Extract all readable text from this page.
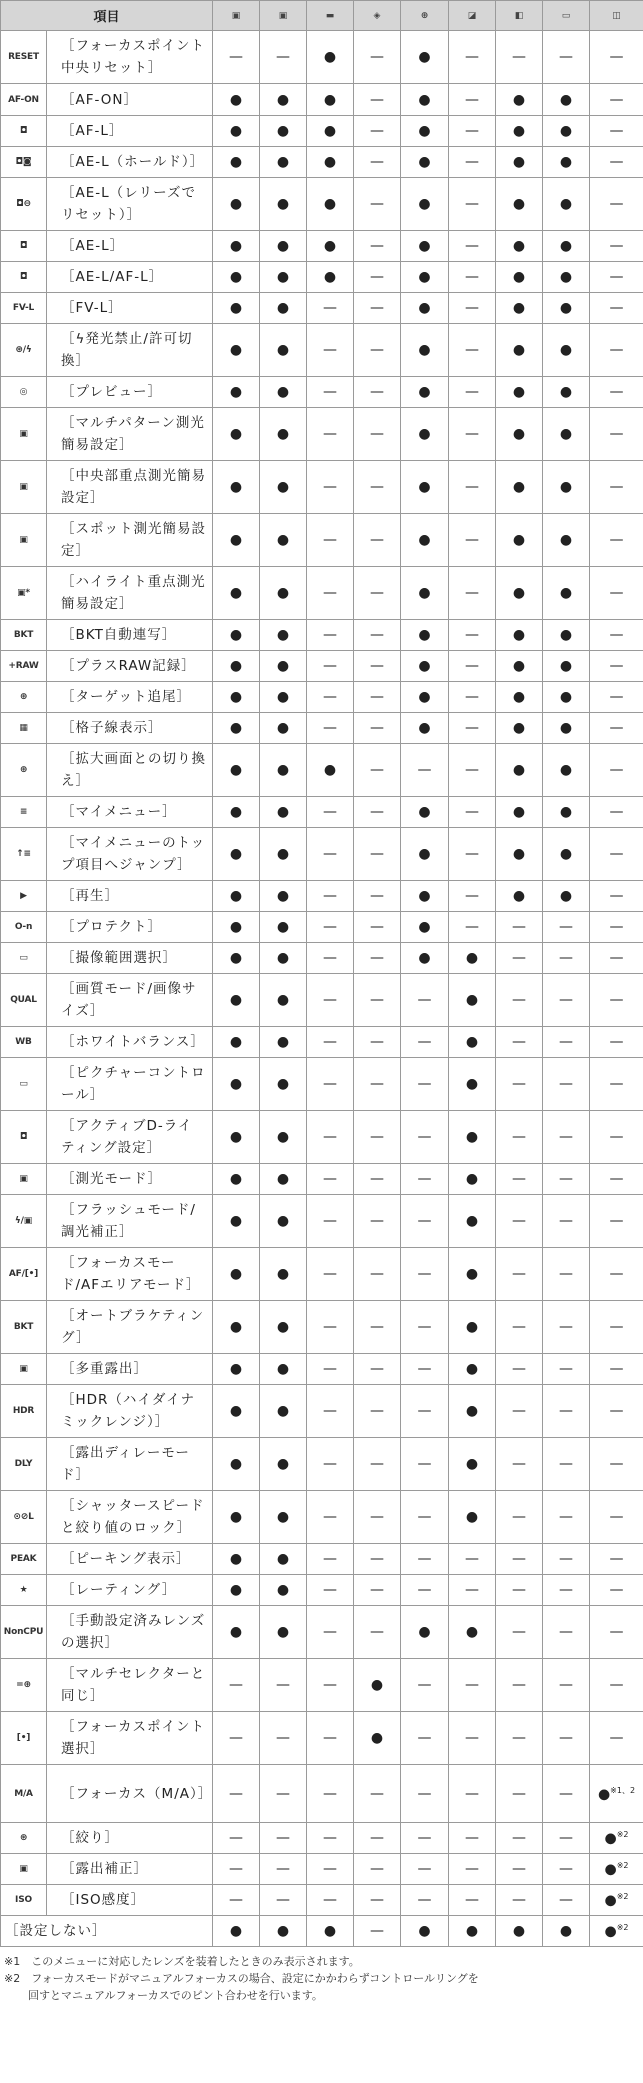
項目		▣	▣	▬	◈	⊕	◪	◧	▭	◫
RESET	［フォーカスポイント中央リセット］	—	—	●	—	●	—	—	—	—
AF-ON	［AF-ON］	●	●	●	—	●	—	●	●	—
◘	［AF-L］	●	●	●	—	●	—	●	●	—
◘◙	［AE-L（ホールド）］	●	●	●	—	●	—	●	●	—
◘⊖	［AE-L（レリーズでリセット）］	●	●	●	—	●	—	●	●	—
◘	［AE-L］	●	●	●	—	●	—	●	●	—
◘	［AE-L/AF-L］	●	●	●	—	●	—	●	●	—
FV-L	［FV-L］	●	●	—	—	●	—	●	●	—
⊛/ϟ	［ϟ発光禁止/許可切換］	●	●	—	—	●	—	●	●	—
◎	［プレビュー］	●	●	—	—	●	—	●	●	—
▣	［マルチパターン測光簡易設定］	●	●	—	—	●	—	●	●	—
▣	［中央部重点測光簡易設定］	●	●	—	—	●	—	●	●	—
▣	［スポット測光簡易設定］	●	●	—	—	●	—	●	●	—
▣*	［ハイライト重点測光簡易設定］	●	●	—	—	●	—	●	●	—
BKT	［BKT自動連写］	●	●	—	—	●	—	●	●	—
+RAW	［プラスRAW記録］	●	●	—	—	●	—	●	●	—
⊕	［ターゲット追尾］	●	●	—	—	●	—	●	●	—
▦	［格子線表示］	●	●	—	—	●	—	●	●	—
⊕	［拡大画面との切り換え］	●	●	●	—	—	—	●	●	—
≡	［マイメニュー］	●	●	—	—	●	—	●	●	—
↑≡	［マイメニューのトップ項目へジャンプ］	●	●	—	—	●	—	●	●	—
▶	［再生］	●	●	—	—	●	—	●	●	—
O-n	［プロテクト］	●	●	—	—	●	—	—	—	—
▭	［撮像範囲選択］	●	●	—	—	●	●	—	—	—
QUAL	［画質モード/画像サイズ］	●	●	—	—	—	●	—	—	—
WB	［ホワイトバランス］	●	●	—	—	—	●	—	—	—
▭	［ピクチャーコントロール］	●	●	—	—	—	●	—	—	—
◘	［アクティブD-ライティング設定］	●	●	—	—	—	●	—	—	—
▣	［測光モード］	●	●	—	—	—	●	—	—	—
ϟ/▣	［フラッシュモード/調光補正］	●	●	—	—	—	●	—	—	—
AF/[•]	［フォーカスモード/AFエリアモード］	●	●	—	—	—	●	—	—	—
BKT	［オートブラケティング］	●	●	—	—	—	●	—	—	—
▣	［多重露出］	●	●	—	—	—	●	—	—	—
HDR	［HDR（ハイダイナミックレンジ）］	●	●	—	—	—	●	—	—	—
DLY	［露出ディレーモード］	●	●	—	—	—	●	—	—	—
⊙⊘L	［シャッタースピードと絞り値のロック］	●	●	—	—	—	●	—	—	—
PEAK	［ピーキング表示］	●	●	—	—	—	—	—	—	—
★	［レーティング］	●	●	—	—	—	—	—	—	—
NonCPU	［手動設定済みレンズの選択］	●	●	—	—	●	●	—	—	—
=⊕	［マルチセレクターと同じ］	—	—	—	●	—	—	—	—	—
[•]	［フォーカスポイント選択］	—	—	—	●	—	—	—	—	—
M/A	［フォーカス（M/A）］	—	—	—	—	—	—	—	—	●$^{※1、2}$
⊛	［絞り］	—	—	—	—	—	—	—	—	●$^{※2}$
▣	［露出補正］	—	—	—	—	—	—	—	—	●$^{※2}$
ISO	［ISO感度］	—	—	—	—	—	—	—	—	●$^{※2}$
［設定しない］		●	●	●	—	●	●	●	●	●$^{※2}$
※1　このメニューに対応したレンズを装着したときのみ表示されます。
※2　フォーカスモードがマニュアルフォーカスの場合、設定にかかわらずコントロールリングを
回すとマニュアルフォーカスでのピント合わせを行います。
